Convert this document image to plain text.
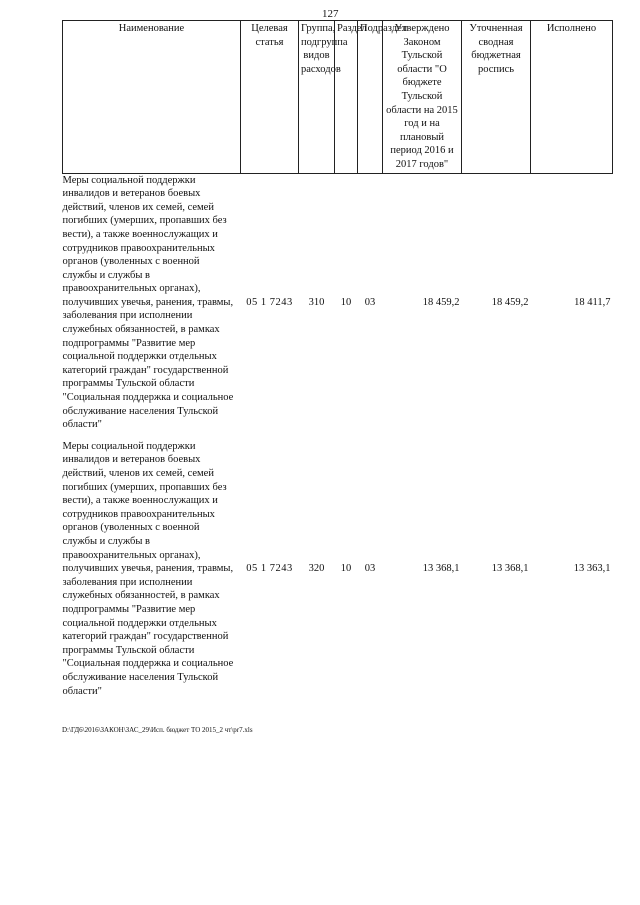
127
Наименование	Целевая статья	Группа, подгруппа видов расходов	Раздел	Подраздел	Утверждено Законом Тульской области "О бюджете Тульской области на 2015 год и на плановый период 2016 и 2017 годов"	Уточненная сводная бюджетная роспись	Исполнено
Меры социальной поддержки инвалидов и ветеранов боевых действий, членов их семей, семей погибших (умерших, пропавших без вести), а также военнослужащих и сотрудников правоохранительных органов (уволенных с военной службы и службы в правоохранительных органах), получивших увечья, ранения, травмы, заболевания при исполнении служебных обязанностей, в рамках подпрограммы "Развитие мер социальной поддержки отдельных категорий граждан" государственной программы Тульской области "Социальная поддержка и социальное обслуживание населения Тульской области"	05 1 7243	310	10	03	18 459,2	18 459,2	18 411,7

Меры социальной поддержки инвалидов и ветеранов боевых действий, членов их семей, семей погибших (умерших, пропавших без вести), а также военнослужащих и сотрудников правоохранительных органов (уволенных с военной службы и службы в правоохранительных органах), получивших увечья, ранения, травмы, заболевания при исполнении служебных обязанностей, в рамках подпрограммы "Развитие мер социальной поддержки отдельных категорий граждан" государственной программы Тульской области "Социальная поддержка и социальное обслуживание населения Тульской области"	05 1 7243	320	10	03	13 368,1	13 368,1	13 363,1
D:\ГД6\2016\ЗАКОН\ЗАС_29\Исп. бюджет ТО 2015_2 чт\pr7.xls
